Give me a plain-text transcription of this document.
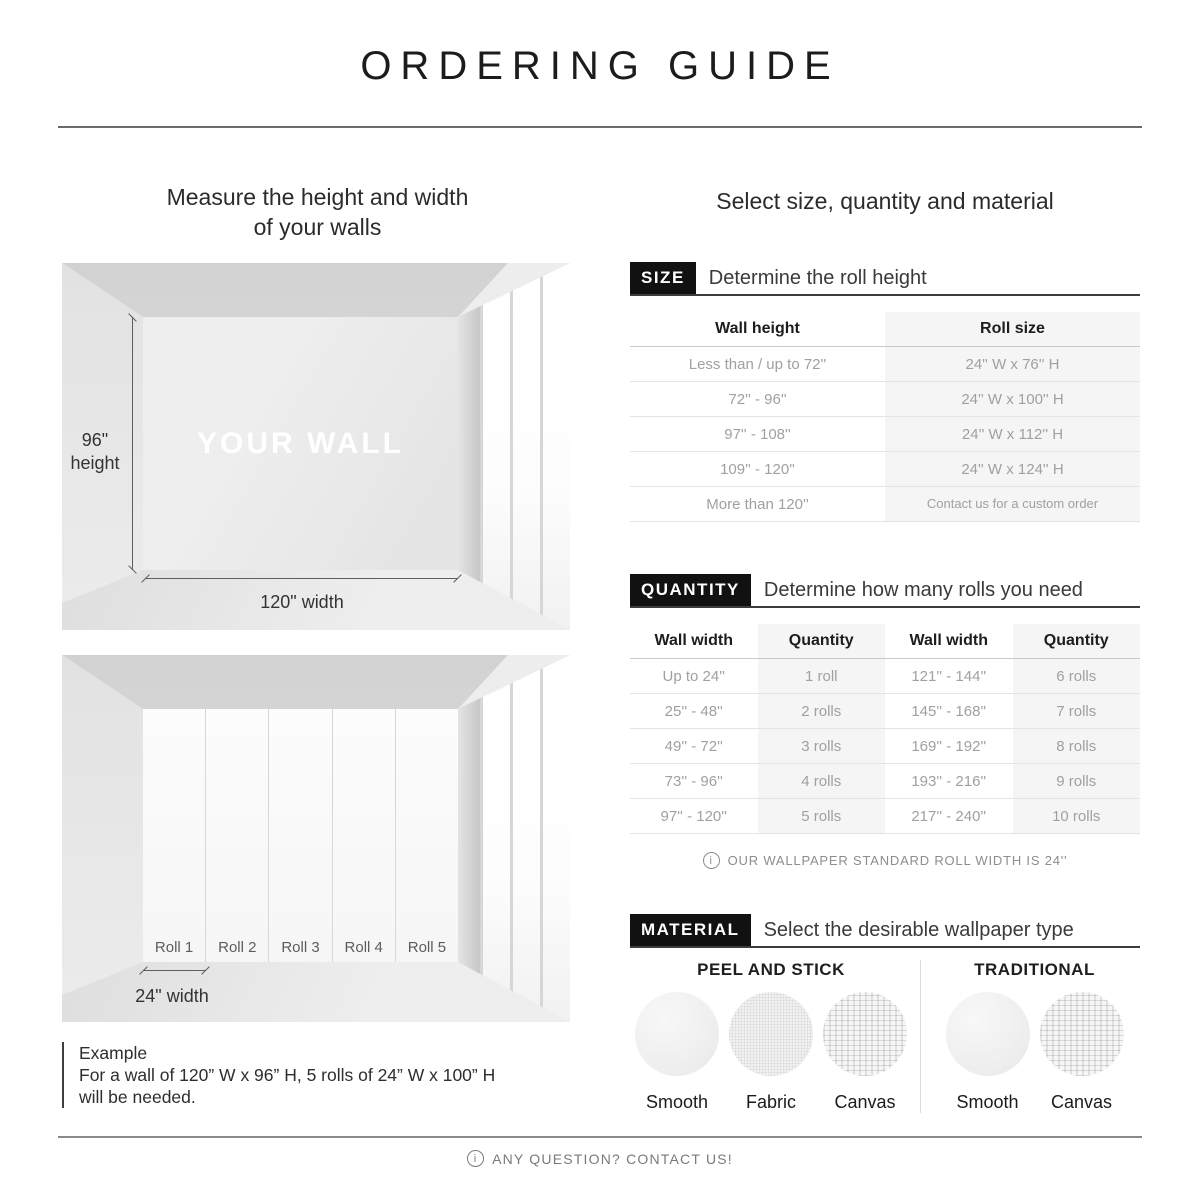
ORDERING GUIDE
Measure the height and width
of your walls
YOUR WALL
96"
height
120" width
Roll 1	Roll 2	Roll 3	Roll 4	Roll 5
24" width
Example
For a wall of 120” W x 96” H, 5 rolls of 24” W x 100” H
will be needed.
Select size, quantity and material
SIZE	Determine the roll height
Wall height	Roll size
Less than / up to 72''	24'' W x 76'' H
72'' - 96''	24'' W x 100'' H
97'' - 108''	24'' W x 112'' H
109'' - 120''	24'' W x 124'' H
More than 120''	Contact us for a custom order
QUANTITY	Determine how many rolls you need
Wall width	Quantity	Wall width	Quantity
Up to 24''	1 roll	121'' - 144''	6 rolls
25'' - 48''	2 rolls	145'' - 168''	7 rolls
49'' - 72''	3 rolls	169'' - 192''	8 rolls
73'' - 96''	4 rolls	193'' - 216''	9 rolls
97'' - 120''	5 rolls	217'' - 240''	10 rolls
i	OUR WALLPAPER STANDARD ROLL WIDTH IS 24''
MATERIAL	Select the desirable wallpaper type
PEEL AND STICK
Smooth	Fabric	Canvas
TRADITIONAL
Smooth	Canvas
i	ANY QUESTION? CONTACT US!
